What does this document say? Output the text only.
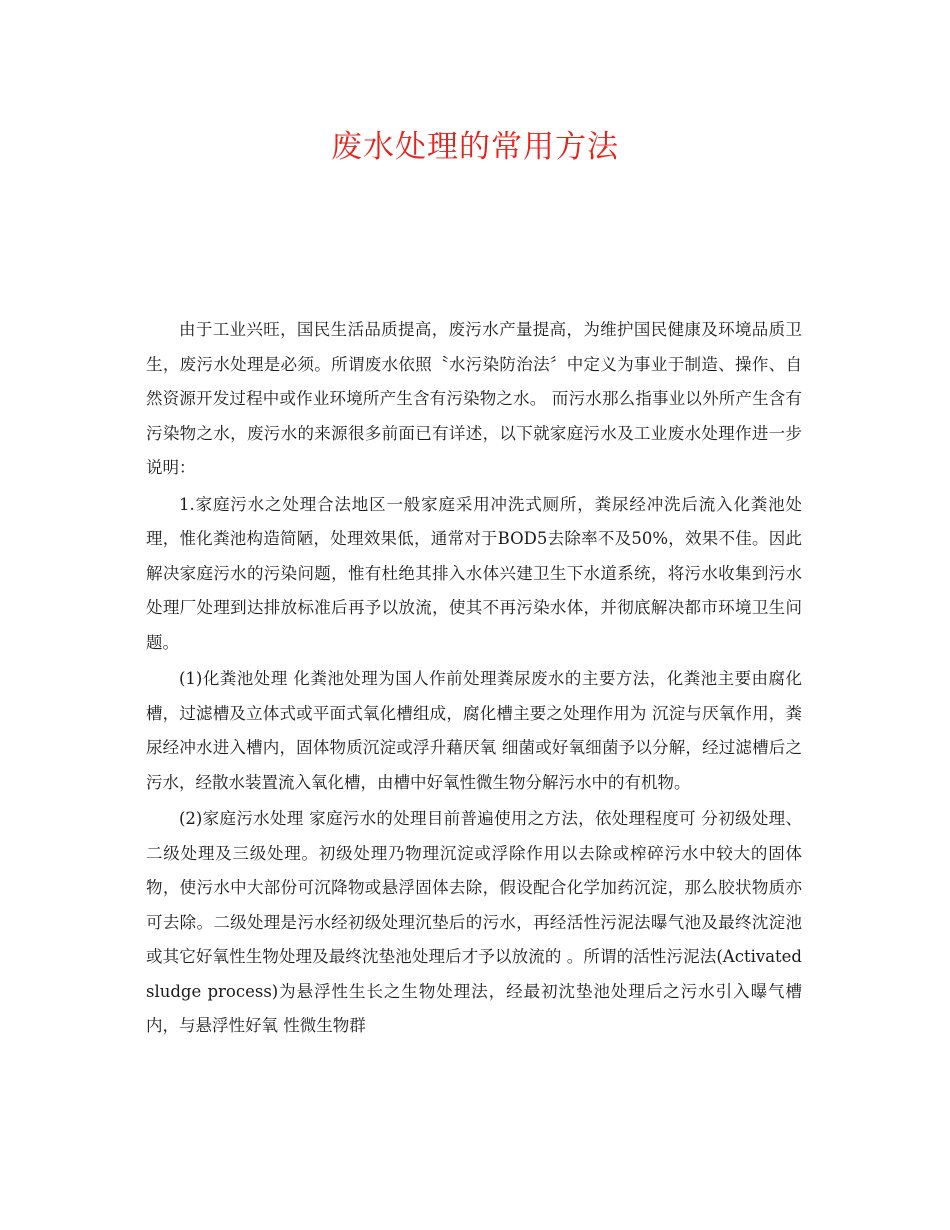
废水处理的常用方法

由于工业兴旺，国民生活品质提高，废污水产量提高，为维护国民健康及环境品质卫生，废污水处理是必须。所谓废水依照〝水污染防治法〞中定义为事业于制造、操作、自然资源开发过程中或作业环境所产生含有污染物之水。 而污水那么指事业以外所产生含有污染物之水，废污水的来源很多前面已有详述，以下就家庭污水及工业废水处理作进一步说明：

1.家庭污水之处理合法地区一般家庭采用冲洗式厕所，粪尿经冲洗后流入化粪池处理，惟化粪池构造简陋，处理效果低，通常对于BOD5去除率不及50%，效果不佳。因此解决家庭污水的污染问题，惟有杜绝其排入水体兴建卫生下水道系统，将污水收集到污水处理厂处理到达排放标准后再予以放流，使其不再污染水体，并彻底解决都市环境卫生问题。

(1)化粪池处理 化粪池处理为国人作前处理粪尿废水的主要方法，化粪池主要由腐化槽，过滤槽及立体式或平面式氧化槽组成，腐化槽主要之处理作用为 沉淀与厌氧作用，粪尿经冲水进入槽内，固体物质沉淀或浮升藉厌氧 细菌或好氧细菌予以分解，经过滤槽后之污水，经散水装置流入氧化槽，由槽中好氧性微生物分解污水中的有机物。

(2)家庭污水处理 家庭污水的处理目前普遍使用之方法，依处理程度可 分初级处理、二级处理及三级处理。初级处理乃物理沉淀或浮除作用以去除或榨碎污水中较大的固体物，使污水中大部份可沉降物或悬浮固体去除，假设配合化学加药沉淀，那么胶状物质亦可去除。二级处理是污水经初级处理沉垫后的污水，再经活性污泥法曝气池及最终沈淀池或其它好氧性生物处理及最终沈垫池处理后才予以放流的 。所谓的活性污泥法(Activatedsludge process)为悬浮性生长之生物处理法，经最初沈垫池处理后之污水引入曝气槽内，与悬浮性好氧 性微生物群
